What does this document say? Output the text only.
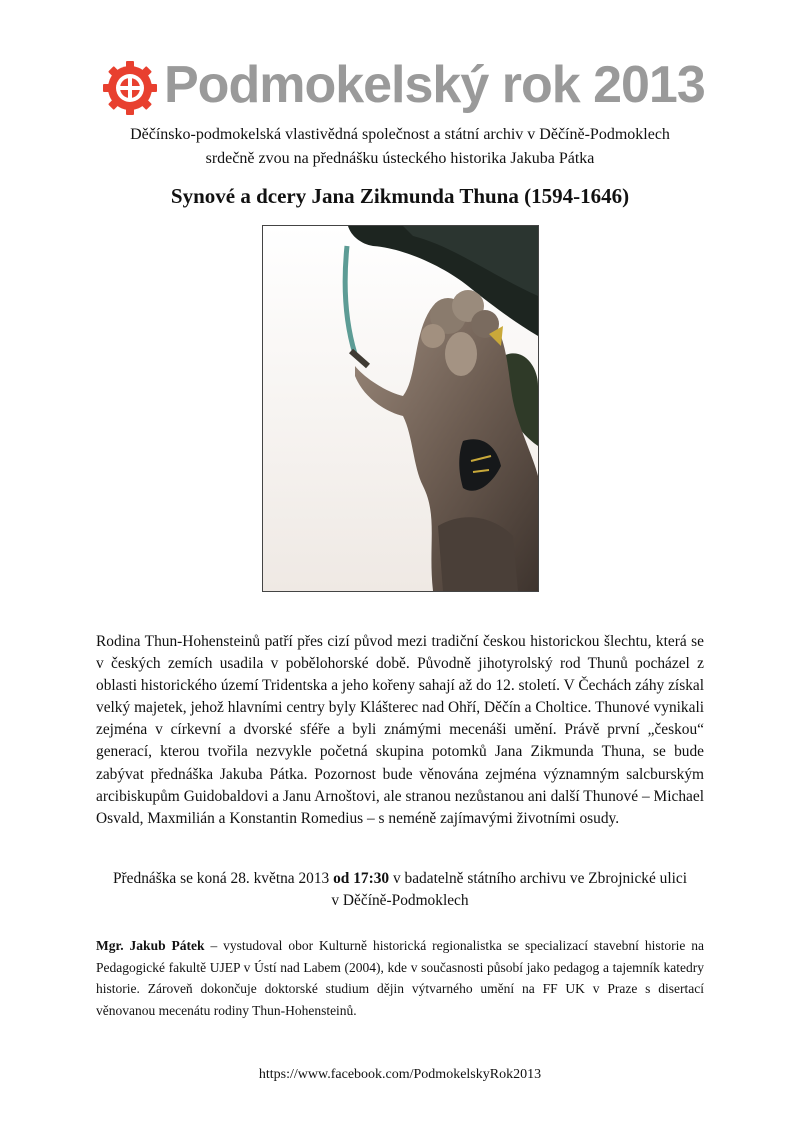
Podmokelský rok 2013
Děčínsko-podmokelská vlastivědná společnost a státní archiv v Děčíně-Podmoklech
srdečně zvou na přednášku ústeckého historika Jakuba Pátka
Synové a dcery Jana Zikmunda Thuna (1594-1646)

Rodina Thun-Hohensteinů patří přes cizí původ mezi tradiční českou historickou šlechtu, která se v českých zemích usadila v pobělohorské době. Původně jihotyrolský rod Thunů pocházel z oblasti historického území Tridentska a jeho kořeny sahají až do 12. století. V Čechách záhy získal velký majetek, jehož hlavními centry byly Klášterec nad Ohří, Děčín a Choltice. Thunové vynikali zejména v církevní a dvorské sféře a byli známými mecenáši umění. Právě první „českou“ generací, kterou tvořila nezvykle početná skupina potomků Jana Zikmunda Thuna, se bude zabývat přednáška Jakuba Pátka. Pozornost bude věnována zejména významným salcburským arcibiskupům Guidobaldovi a Janu Arnoštovi, ale stranou nezůstanou ani další Thunové – Michael Osvald, Maxmilián a Konstantin Romedius – s neméně zajímavými životními osudy.

Přednáška se koná 28. května 2013 od 17:30 v badatelně státního archivu ve Zbrojnické ulici
v Děčíně-Podmoklech

Mgr. Jakub Pátek – vystudoval obor Kulturně historická regionalistka se specializací stavební historie na Pedagogické fakultě UJEP v Ústí nad Labem (2004), kde v současnosti působí jako pedagog a tajemník katedry historie. Zároveň dokončuje doktorské studium dějin výtvarného umění na FF UK v Praze s disertací věnovanou mecenátu rodiny Thun-Hohensteinů.

https://www.facebook.com/PodmokelskyRok2013
